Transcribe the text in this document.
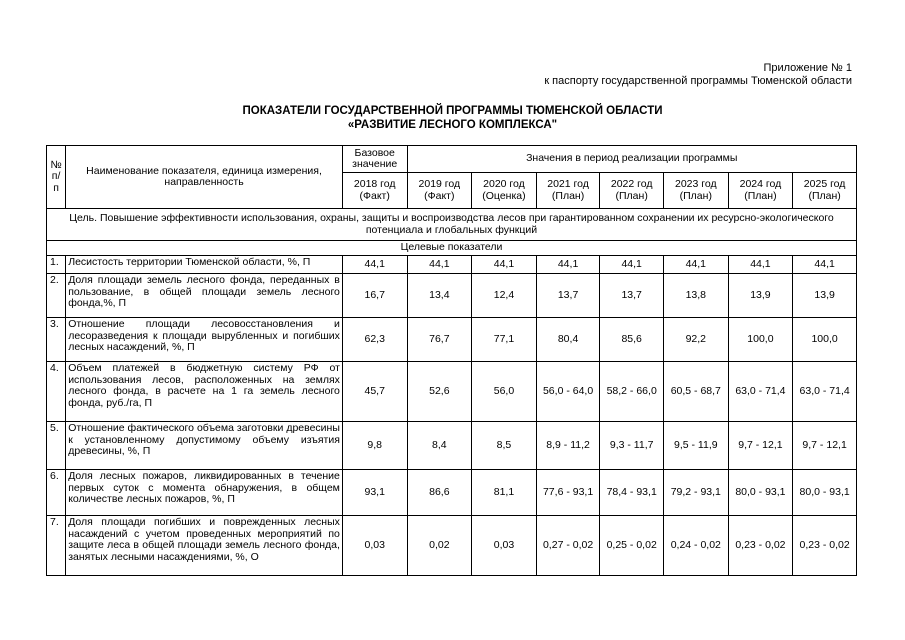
Приложение № 1
к паспорту государственной программы Тюменской области
ПОКАЗАТЕЛИ ГОСУДАРСТВЕННОЙ ПРОГРАММЫ ТЮМЕНСКОЙ ОБЛАСТИ
«РАЗВИТИЕ ЛЕСНОГО КОМПЛЕКСА"
№ п/п	Наименование показателя, единица измерения, направленность	Базовое значение	Значения в период реализации программы						
		2018 год (Факт)	2019 год (Факт)	2020 год (Оценка)	2021 год (План)	2022 год (План)	2023 год (План)	2024 год (План)	2025 год (План)
Цель. Повышение эффективности использования, охраны, защиты и воспроизводства лесов при гарантированном сохранении их ресурсно-экологического потенциала и глобальных функций									
Целевые показатели									
1.	Лесистость территории Тюменской области, %, П	44,1	44,1	44,1	44,1	44,1	44,1	44,1	44,1
2.	Доля площади земель лесного фонда, переданных в пользование, в общей площади земель лесного фонда,%, П	16,7	13,4	12,4	13,7	13,7	13,8	13,9	13,9
3.	Отношение площади лесовосстановления и лесоразведения к площади вырубленных и погибших лесных насаждений, %, П	62,3	76,7	77,1	80,4	85,6	92,2	100,0	100,0
4.	Объем платежей в бюджетную систему РФ от использования лесов, расположенных на землях лесного фонда, в расчете на 1 га земель лесного фонда, руб./га, П	45,7	52,6	56,0	56,0 - 64,0	58,2 - 66,0	60,5 - 68,7	63,0 - 71,4	63,0 - 71,4
5.	Отношение фактического объема заготовки древесины к установленному допустимому объему изъятия древесины, %, П	9,8	8,4	8,5	8,9 - 11,2	9,3 - 11,7	9,5 - 11,9	9,7 - 12,1	9,7 - 12,1
6.	Доля лесных пожаров, ликвидированных в течение первых суток с момента обнаружения, в общем количестве лесных пожаров, %, П	93,1	86,6	81,1	77,6 - 93,1	78,4 - 93,1	79,2 - 93,1	80,0 - 93,1	80,0 - 93,1
7.	Доля площади погибших и поврежденных лесных насаждений с учетом проведенных мероприятий по защите леса в общей площади земель лесного фонда, занятых лесными насаждениями, %, О	0,03	0,02	0,03	0,27 - 0,02	0,25 - 0,02	0,24 - 0,02	0,23 - 0,02	0,23 - 0,02
